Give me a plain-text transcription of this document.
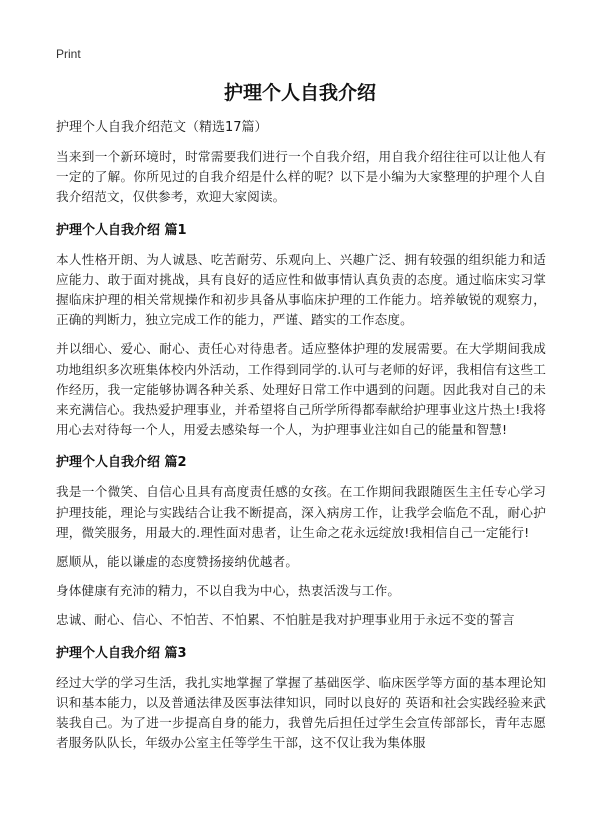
Print
护理个人自我介绍
护理个人自我介绍范文（精选17篇）

当来到一个新环境时，时常需要我们进行一个自我介绍，用自我介绍往往可以让他人有一定的了解。你所见过的自我介绍是什么样的呢？以下是小编为大家整理的护理个人自我介绍范文，仅供参考，欢迎大家阅读。

护理个人自我介绍 篇1

本人性格开朗、为人诚恳、吃苦耐劳、乐观向上、兴趣广泛、拥有较强的组织能力和适应能力、敢于面对挑战，具有良好的适应性和做事情认真负责的态度。通过临床实习掌握临床护理的相关常规操作和初步具备从事临床护理的工作能力。培养敏锐的观察力，正确的判断力，独立完成工作的能力，严谨、踏实的工作态度。

并以细心、爱心、耐心、责任心对待患者。适应整体护理的发展需要。在大学期间我成功地组织多次班集体校内外活动，工作得到同学的.认可与老师的好评，我相信有这些工作经历，我一定能够协调各种关系、处理好日常工作中遇到的问题。因此我对自己的未来充满信心。我热爱护理事业，并希望将自己所学所得都奉献给护理事业这片热土!我将用心去对待每一个人，用爱去感染每一个人，为护理事业注如自己的能量和智慧!

护理个人自我介绍 篇2

我是一个微笑、自信心且具有高度责任感的女孩。在工作期间我跟随医生主任专心学习护理技能，理论与实践结合让我不断提高，深入病房工作，让我学会临危不乱，耐心护理，微笑服务，用最大的.理性面对患者，让生命之花永远绽放!我相信自己一定能行!

愿顺从，能以谦虚的态度赞扬接纳优越者。

身体健康有充沛的精力，不以自我为中心，热衷活泼与工作。

忠诚、耐心、信心、不怕苦、不怕累、不怕脏是我对护理事业用于永远不变的誓言

护理个人自我介绍 篇3

经过大学的学习生活，我扎实地掌握了掌握了基础医学、临床医学等方面的基本理论知识和基本能力，以及普通法律及医事法律知识，同时以良好的 英语和社会实践经验来武装我自己。为了进一步提高自身的能力，我曾先后担任过学生会宣传部部长，青年志愿者服务队队长，年级办公室主任等学生干部，这不仅让我为集体服
